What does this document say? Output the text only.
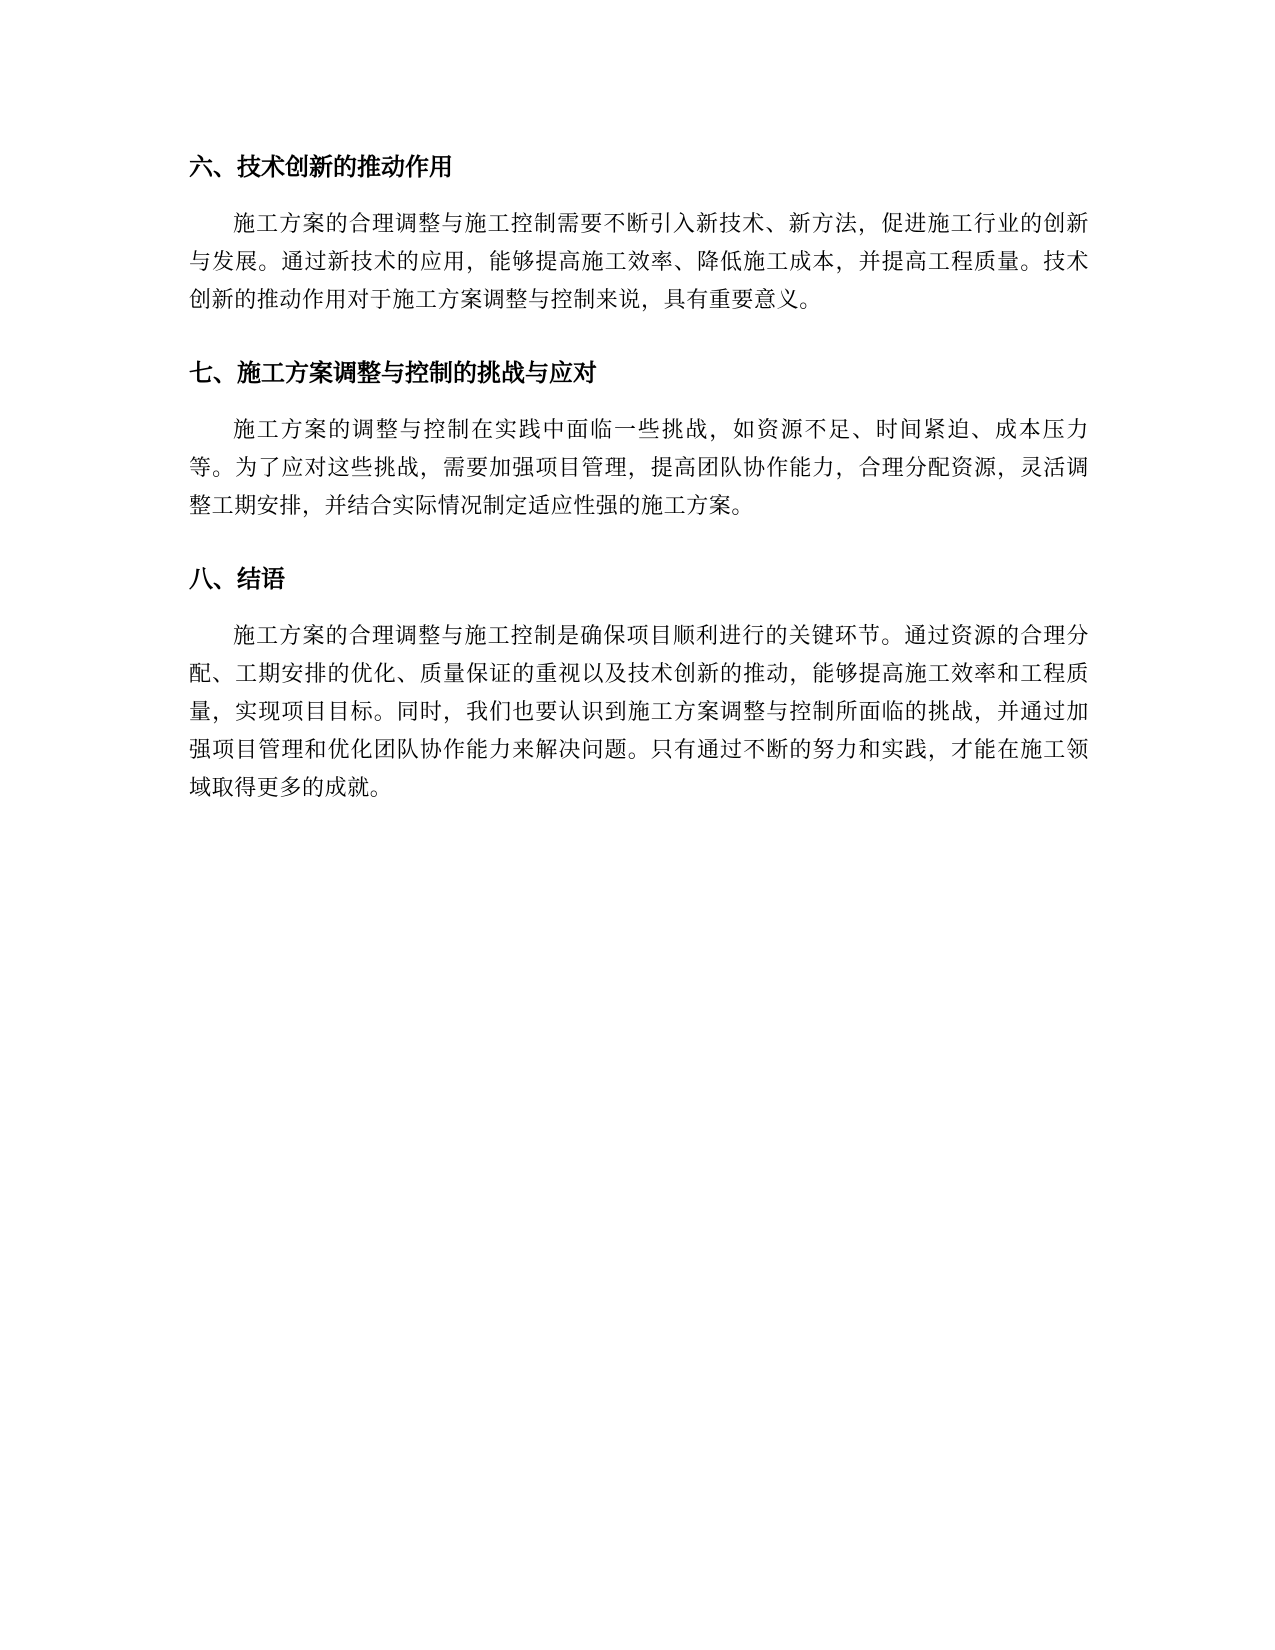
六、技术创新的推动作用

施工方案的合理调整与施工控制需要不断引入新技术、新方法，促进施工行业的创新与发展。通过新技术的应用，能够提高施工效率、降低施工成本，并提高工程质量。技术创新的推动作用对于施工方案调整与控制来说，具有重要意义。

七、施工方案调整与控制的挑战与应对

施工方案的调整与控制在实践中面临一些挑战，如资源不足、时间紧迫、成本压力等。为了应对这些挑战，需要加强项目管理，提高团队协作能力，合理分配资源，灵活调整工期安排，并结合实际情况制定适应性强的施工方案。

八、结语

施工方案的合理调整与施工控制是确保项目顺利进行的关键环节。通过资源的合理分配、工期安排的优化、质量保证的重视以及技术创新的推动，能够提高施工效率和工程质量，实现项目目标。同时，我们也要认识到施工方案调整与控制所面临的挑战，并通过加强项目管理和优化团队协作能力来解决问题。只有通过不断的努力和实践，才能在施工领域取得更多的成就。
